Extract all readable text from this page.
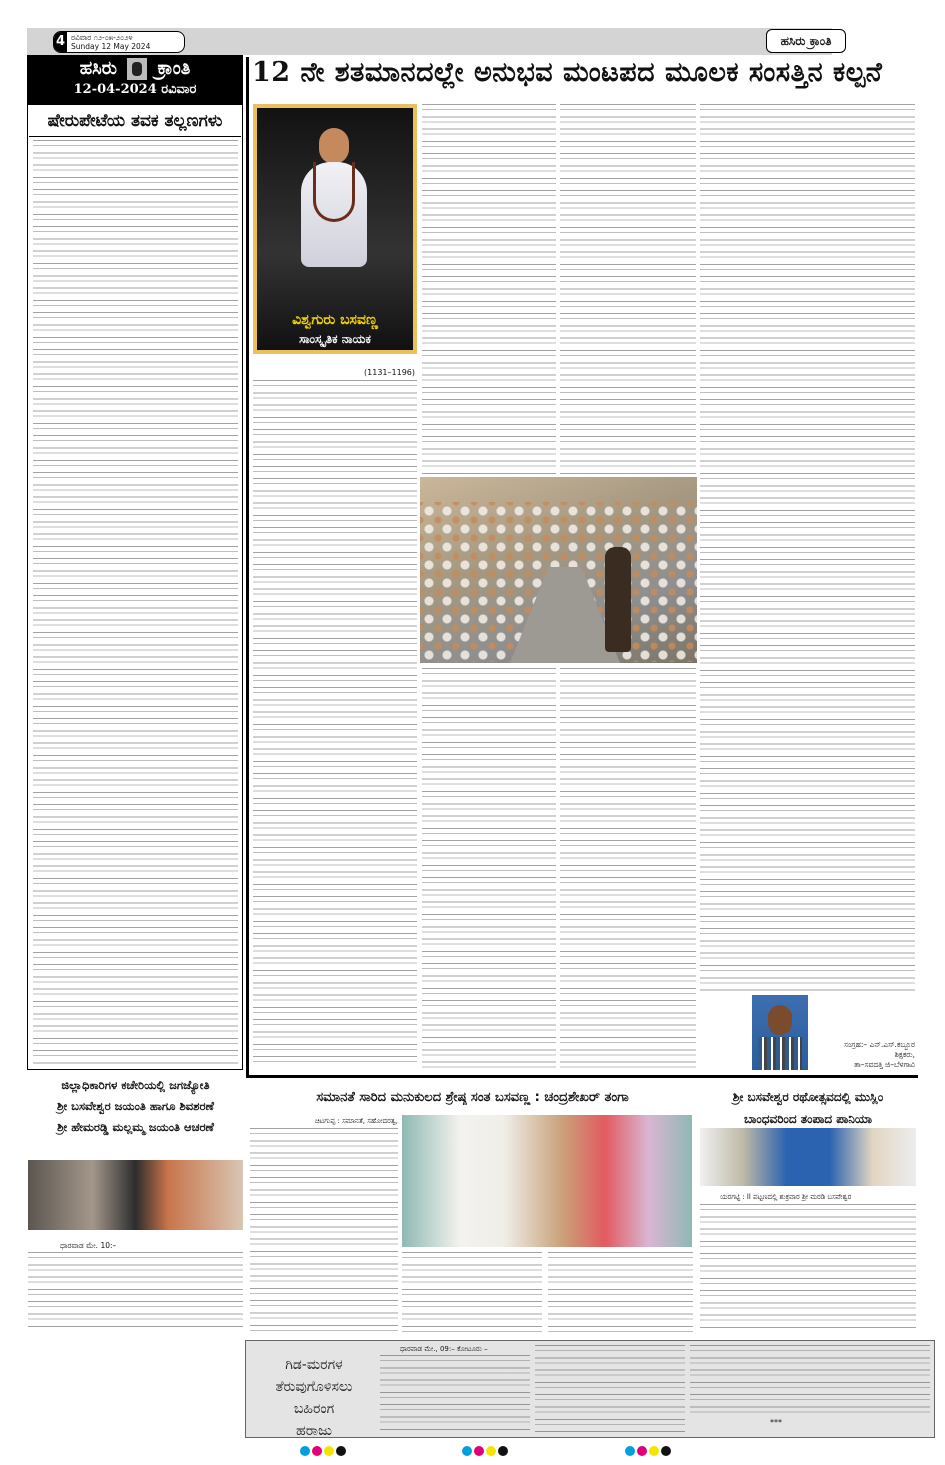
4 ರವಿವಾರ ೧೨-೦೫-೨೦೨೪
Sunday 12 May 2024	ಹಸಿರು ಕ್ರಾಂತಿ
ಹಸಿರು ಕ್ರಾಂತಿ
12-04-2024 ರವಿವಾರ
ಷೇರುಪೇಟೆಯ ತವಕ ತಲ್ಲಣಗಳು
12 ನೇ ಶತಮಾನದಲ್ಲೇ ಅನುಭವ ಮಂಟಪದ ಮೂಲಕ ಸಂಸತ್ತಿನ ಕಲ್ಪನೆ
ವಿಶ್ವಗುರು ಬಸವಣ್ಣ
ಸಾಂಸ್ಕೃತಿಕ ನಾಯಕ
(1131–1196)
ಸಂಗ್ರಹ:– ಎನ್.ಎಸ್.ಕಬ್ಬೂರ
ಶಿಕ್ಷಕರು,
ತಾ–ಸವದತ್ತಿ ಜಿ–ಬೆಳಗಾವಿ
ಜಿಲ್ಲಾಧಿಕಾರಿಗಳ ಕಚೇರಿಯಲ್ಲಿ ಜಗಜ್ಯೋತಿ
ಶ್ರೀ ಬಸವೇಶ್ವರ ಜಯಂತಿ ಹಾಗೂ ಶಿವಶರಣೆ
ಶ್ರೀ ಹೇಮರಡ್ಡಿ ಮಲ್ಲಮ್ಮ ಜಯಂತಿ ಆಚರಣೆ
ಧಾರವಾಡ ಮೇ. 10:–
ಸಮಾನತೆ ಸಾರಿದ ಮನುಕುಲದ ಶ್ರೇಷ್ಠ ಸಂತ ಬಸವಣ್ಣ : ಚಂದ್ರಶೇಖರ್ ತಂಗಾ
ಚಿಟಗುಪ್ಪ : ಸಮಾನತೆ, ಸಹೋದರತ್ವ,
ಶ್ರೀ ಬಸವೇಶ್ವರ ರಥೋತ್ಸವದಲ್ಲಿ ಮುಸ್ಲಿಂ
ಬಾಂಧವರಿಂದ ತಂಪಾದ ಪಾನಿಯಾ
ಯರಗಟ್ಟಿ : ll ಪಟ್ಟಣದಲ್ಲಿ ಶುಕ್ರವಾರ ಶ್ರೀ ಮರಡಿ ಬಸವೇಶ್ವರ
ಗಿಡ-ಮರಗಳ
ತೆರುವುಗೊಳಿಸಲು
ಬಹಿರಂಗ
ಹರಾಜು
ಧಾರವಾಡ ಮೇ., 09:– ಕೋಟೂರು –
***
